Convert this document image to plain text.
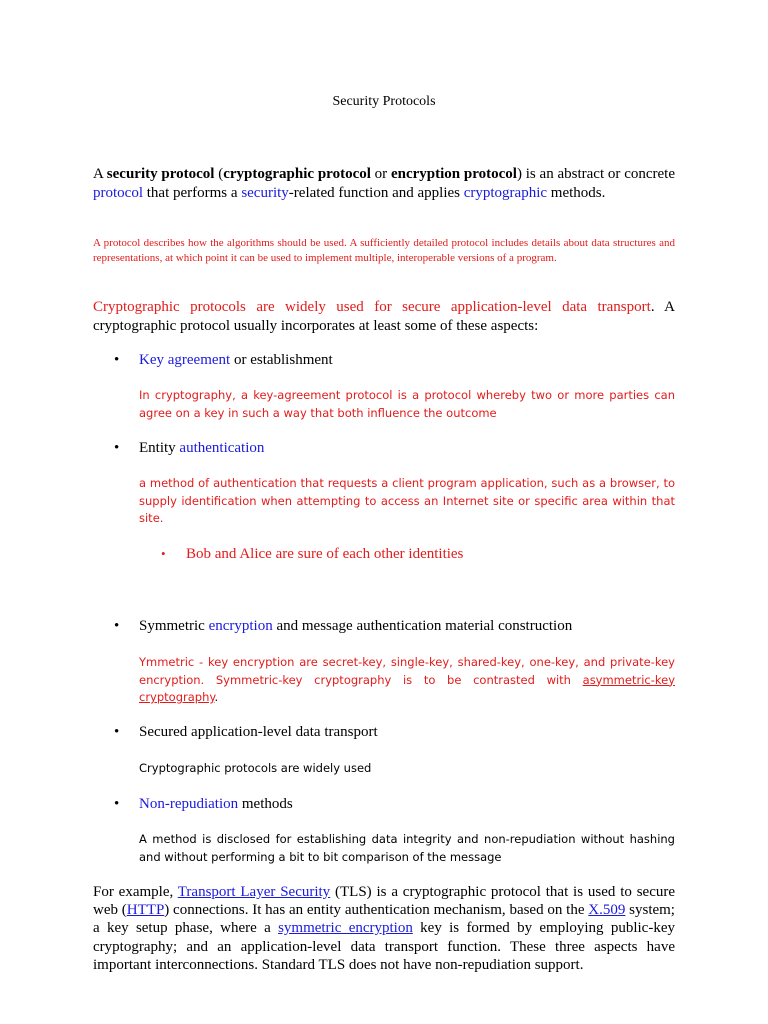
Security Protocols
A security protocol (cryptographic protocol or encryption protocol) is an abstract or concrete protocol that performs a security-related function and applies cryptographic methods.
A protocol describes how the algorithms should be used. A sufficiently detailed protocol includes details about data structures and representations, at which point it can be used to implement multiple, interoperable versions of a program.
Cryptographic protocols are widely used for secure application-level data transport. A cryptographic protocol usually incorporates at least some of these aspects:
• Key agreement or establishment
In cryptography, a key-agreement protocol is a protocol whereby two or more parties can agree on a key in such a way that both influence the outcome
• Entity authentication
a method of authentication that requests a client program application, such as a browser, to supply identification when attempting to access an Internet site or specific area within that site.
• Bob and Alice are sure of each other identities
• Symmetric encryption and message authentication material construction
Ymmetric - key encryption are secret-key, single-key, shared-key, one-key, and private-key encryption. Symmetric-key cryptography is to be contrasted with asymmetric-key cryptography.
• Secured application-level data transport
Cryptographic protocols are widely used
• Non-repudiation methods
A method is disclosed for establishing data integrity and non-repudiation without hashing and without performing a bit to bit comparison of the message
For example, Transport Layer Security (TLS) is a cryptographic protocol that is used to secure web (HTTP) connections. It has an entity authentication mechanism, based on the X.509 system; a key setup phase, where a symmetric encryption key is formed by employing public-key cryptography; and an application-level data transport function. These three aspects have important interconnections. Standard TLS does not have non-repudiation support.
